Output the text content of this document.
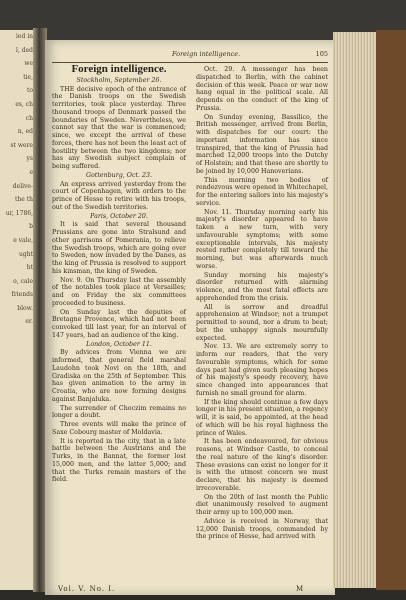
ied in

l, ded

we

tie,

to

es, ch

ch

n, ed

st were

ys

e

delive-

the th

ur, 1786,

b

e vale,

ught

ht

o, cale

friends

blow.

er.

Foreign intelligence.	105
Foreign intelligence.

Stockholm, September 26.

THE decisive epoch of the entrance of the Danish troops on the Swedish territories, took place yesterday. Three thousand troops of Denmark passed the boundaries of Sweden. Nevertheless, we cannot say that the war is commenced; since, we except the arrival of these forces, there has not been the least act of hostility between the two kingdoms; nor has any Swedish subject complain of being suffered.

Gottenburg, Oct. 23.

An express arrived yesterday from the court of Copenhagen, with orders to the prince of Hesse to retire with his troops, out of the Swedish territories.

Paris, October 20.

It is said that several thousand Prussians are gone into Stralsund and other garrisons of Pomerania, to relieve the Swedish troops, which are going over to Sweden, now invaded by the Danes, as the king of Prussia is resolved to support his kinsman, the king of Sweden.

Nov. 9. On Thursday last the assembly of the notables took place at Versailles; and on Friday the six committees proceeded to business.

On Sunday last the deputies of Bretagne Provence, which had not been convoked till last year, for an interval of 147 years, had an audience of the king.

London, October 11.

By advices from Vienna we are informed, that general field marshal Laudohn took Novi on the 18th, and Gradiska on the 25th of September. This has given animation to the army in Croatia, who are now forming designs against Banjaluka.

The surrender of Choczim remains no longer a doubt.

Three events will make the prince of Saxe Cobourg master of Moldavia.

It is reported in the city, that in a late battle between the Austrians and the Turks, in the Bannat, the former lost 15,000 men, and the latter 5,000; and that the Turks remain masters of the field.

Oct. 29. A messenger has been dispatched to Berlin, with the cabinet decision of this week. Peace or war now hang equal in the political scale. All depends on the conduct of the king of Prussia.

On Sunday evening, Bassilico, the British messenger, arrived from Berlin, with dispatches for our court: the important information has since transpired, that the king of Prussia had marched 12,000 troops into the Dutchy of Holstein; and that these are shortly to be joined by 10,000 Hanoverians.

This morning two bodies of rendezvous were opened in Whitechapel, for the entering sailors into his majesty's service.

Nov. 11. Thursday morning early his majesty's disorder appeared to have taken a new turn, with very unfavourable symptoms; with some exceptionable intervals, his majesty rested rather completely till toward the morning, but was afterwards much worse.

Sunday morning his majesty's disorder returned with alarming violence, and the most fatal effects are apprehended from the crisis.

All is sorrow and dreadful apprehension at Windsor; not a trumpet permitted to sound, nor a drum to beat; but the unhappy signals mournfully expected.

Nov. 13. We are extremely sorry to inform our readers, that the very favourable symptoms, which for some days past had given such pleasing hopes of his majesty's speedy recovery, have since changed into appearances that furnish no small ground for alarm.

If the king should continue a few days longer in his present situation, a regency will, it is said, be appointed, at the head of which will be his royal highness the prince of Wales.

It has been endeavoured, for obvious reasons, at Windsor Castle, to conceal the real nature of the king's disorder. These evasions can exist no longer for it is with the utmost concern we must declare, that his majesty is deemed irrecoverable.

On the 20th of last month the Public diet unanimously resolved to augment their army up to 100,000 men.

Advice is received in Norway, that 12,000 Danish troops, commanded by the prince of Hesse, had arrived with

Vol. V. No. I.	M
